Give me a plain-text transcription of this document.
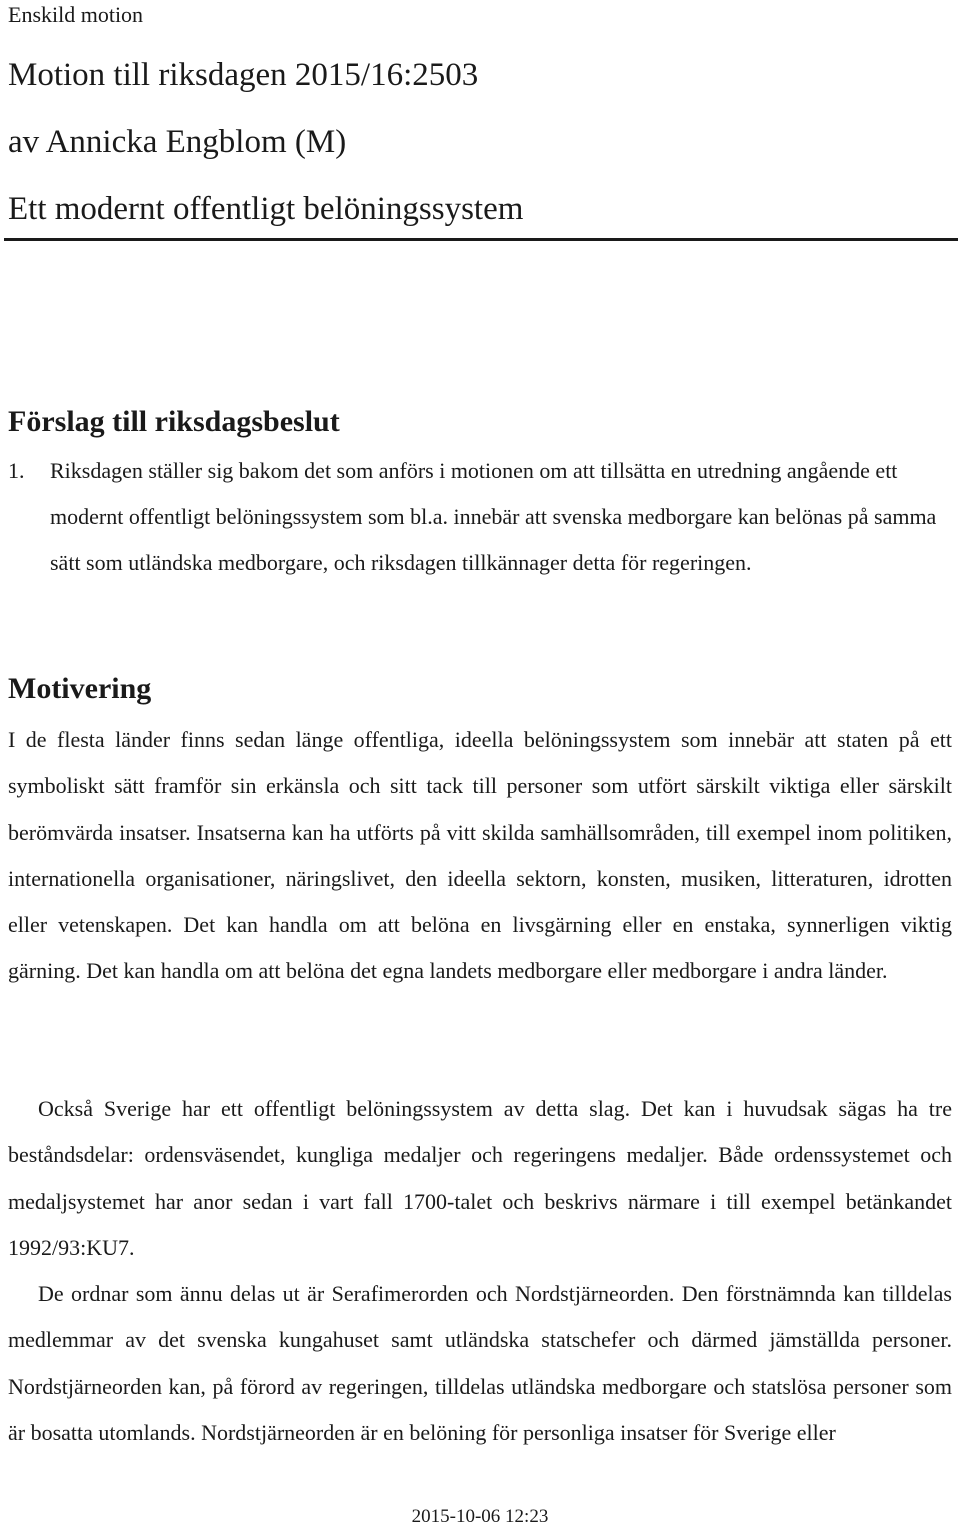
Enskild motion
Motion till riksdagen 2015/16:2503
av Annicka Engblom (M)
Ett modernt offentligt belöningssystem
Förslag till riksdagsbeslut
1.	Riksdagen ställer sig bakom det som anförs i motionen om att tillsätta en utredning angående ett modernt offentligt belöningssystem som bl.a. innebär att svenska medborgare kan belönas på samma sätt som utländska medborgare, och riksdagen tillkännager detta för regeringen.
Motivering

I de flesta länder finns sedan länge offentliga, ideella belöningssystem som innebär att staten på ett symboliskt sätt framför sin erkänsla och sitt tack till personer som utfört särskilt viktiga eller särskilt berömvärda insatser. Insatserna kan ha utförts på vitt skilda samhällsområden, till exempel inom politiken, internationella organisationer, näringslivet, den ideella sektorn, konsten, musiken, litteraturen, idrotten eller vetenskapen. Det kan handla om att belöna en livsgärning eller en enstaka, synnerligen viktig gärning. Det kan handla om att belöna det egna landets medborgare eller medborgare i andra länder.

Också Sverige har ett offentligt belöningssystem av detta slag. Det kan i huvudsak sägas ha tre beståndsdelar: ordensväsendet, kungliga medaljer och regeringens medaljer. Både ordenssystemet och medaljsystemet har anor sedan i vart fall 1700-talet och beskrivs närmare i till exempel betänkandet 1992/93:KU7.

De ordnar som ännu delas ut är Serafimerorden och Nordstjärneorden. Den förstnämnda kan tilldelas medlemmar av det svenska kungahuset samt utländska statschefer och därmed jämställda personer. Nordstjärneorden kan, på förord av regeringen, tilldelas utländska medborgare och statslösa personer som är bosatta utomlands. Nordstjärneorden är en belöning för personliga insatser för Sverige eller

2015-10-06 12:23
